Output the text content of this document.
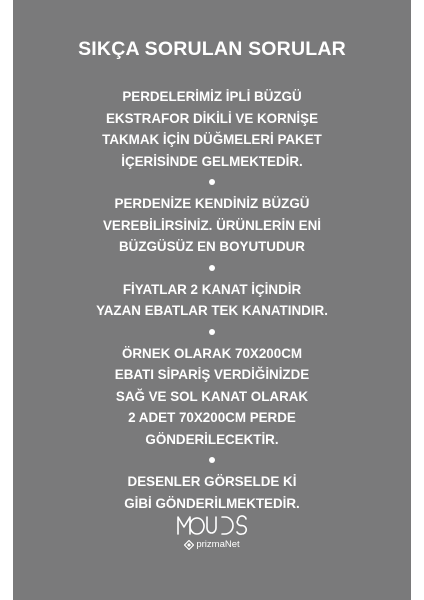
SIKÇA SORULAN SORULAR
PERDELERİMİZ İPLİ BÜZGÜ
EKSTRAFOR DİKİLİ VE KORNİŞE
TAKMAK İÇİN DÜĞMELERİ PAKET
İÇERİSİNDE GELMEKTEDİR.
PERDENİZE KENDİNİZ BÜZGÜ
VEREBİLİRSİNİZ. ÜRÜNLERİN ENİ
BÜZGÜSÜZ EN BOYUTUDUR
FİYATLAR 2 KANAT İÇİNDİR
YAZAN EBATLAR TEK KANATINDIR.
ÖRNEK OLARAK 70X200CM
EBATI SİPARİŞ VERDİĞİNİZDE
SAĞ VE SOL KANAT OLARAK
2 ADET 70X200CM PERDE
GÖNDERİLECEKTİR.
DESENLER GÖRSELDE Kİ
GİBİ GÖNDERİLMEKTEDİR.
prizmaNet
